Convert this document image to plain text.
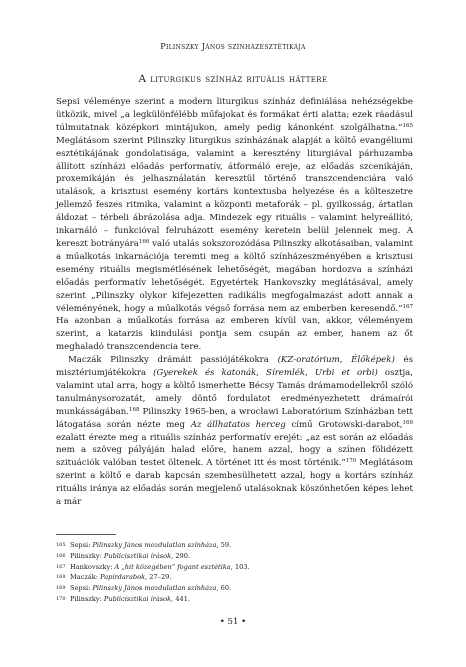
Pilinszky János színházesztétikája
A liturgikus színház rituális háttere

Sepsi véleménye szerint a modern liturgikus színház definiálása nehézségekbe ütközik, mivel „a legkülönfélébb műfajokat és formákat érti alatta; ezek ráadásul túlmutatnak középkori mintájukon, amely pedig kánonként szolgálhatna.”$^{165}$ Meglátásom szerint Pilinszky liturgikus színházának alapját a költő evangéliumi esztétikájának gondolatisága, valamint a keresztény liturgiával párhuzamba állított színházi előadás performatív, átformáló ereje, az előadás szcenikáján, proxemikáján és jelhasználatán keresztül történő transzcendenciára való utalások, a krisztusi esemény kortárs kontextusba helyezése és a költeszetre jellemző feszes ritmika, valamint a központi metaforák – pl. gyilkosság, ártatlan áldozat – térbeli ábrázolása adja. Mindezek egy rituális – valamint helyreállító, inkarnáló – funkcióval felruházott esemény keretein belül jelennek meg. A kereszt botrányára$^{166}$ való utalás sokszorozódása Pilinszky alkotásaiban, valamint a műalkotás inkarnációja teremti meg a költő színházeszményében a krisztusi esemény rituális megismétlésének lehetőségét, magában hordozva a színházi előadás performatív lehetőségét. Egyetértek Hankovszky meglátásával, amely szerint „Pilinszky olykor kifejezetten radikális megfogalmazást adott annak a véleményének, hogy a műalkotás végső forrása nem az emberben keresendő.”$^{167}$ Ha azonban a műalkotás forrása az emberen kívül van, akkor, véleményem szerint, a katarzis kiindulási pontja sem csupán az ember, hanem az őt meghaladó transzcendencia tere.

Maczák Pilinszky drámáit passiójátékokra (KZ-oratórium, Élőképek) és misztériumjátékokra (Gyerekek és katonák, Síremlék, Urbi et orbi) osztja, valamint utal arra, hogy a költő ismerhette Bécsy Tamás drámamodellekről szóló tanulmánysorozatát, amely döntő fordulatot eredményezhetett drámaírói munkásságában.$^{168}$ Pilinszky 1965-ben, a wrocławi Laboratórium Színházban tett látogatása során nézte meg Az állhatatos herceg című Grotowski-darabot,$^{169}$ ezalatt érezte meg a rituális színház performatív erejét: „az est során az előadás nem a szöveg pályáján halad előre, hanem azzal, hogy a színen fölidézett szituációk valóban testet öltenek. A történet itt és most történik.”$^{170}$ Meglátásom szerint a költő e darab kapcsán szembesülhetett azzal, hogy a kortárs színház rituális iránya az előadás során megjelenő utalásoknak köszönhetően képes lehet a már

165 Sepsi: Pilinszky János mozdulatlan színháza, 59.
166 Pilinszky: Publicisztikai írások, 290.
167 Hankovszky: A „hit közegében” fogant esztétika, 103.
168 Maczák: Papírdarabok, 27–29.
169 Sepsi: Pilinszky János mozdulatlan színháza, 60.
170 Pilinszky: Publicisztikai írások, 441.
• 51 •
